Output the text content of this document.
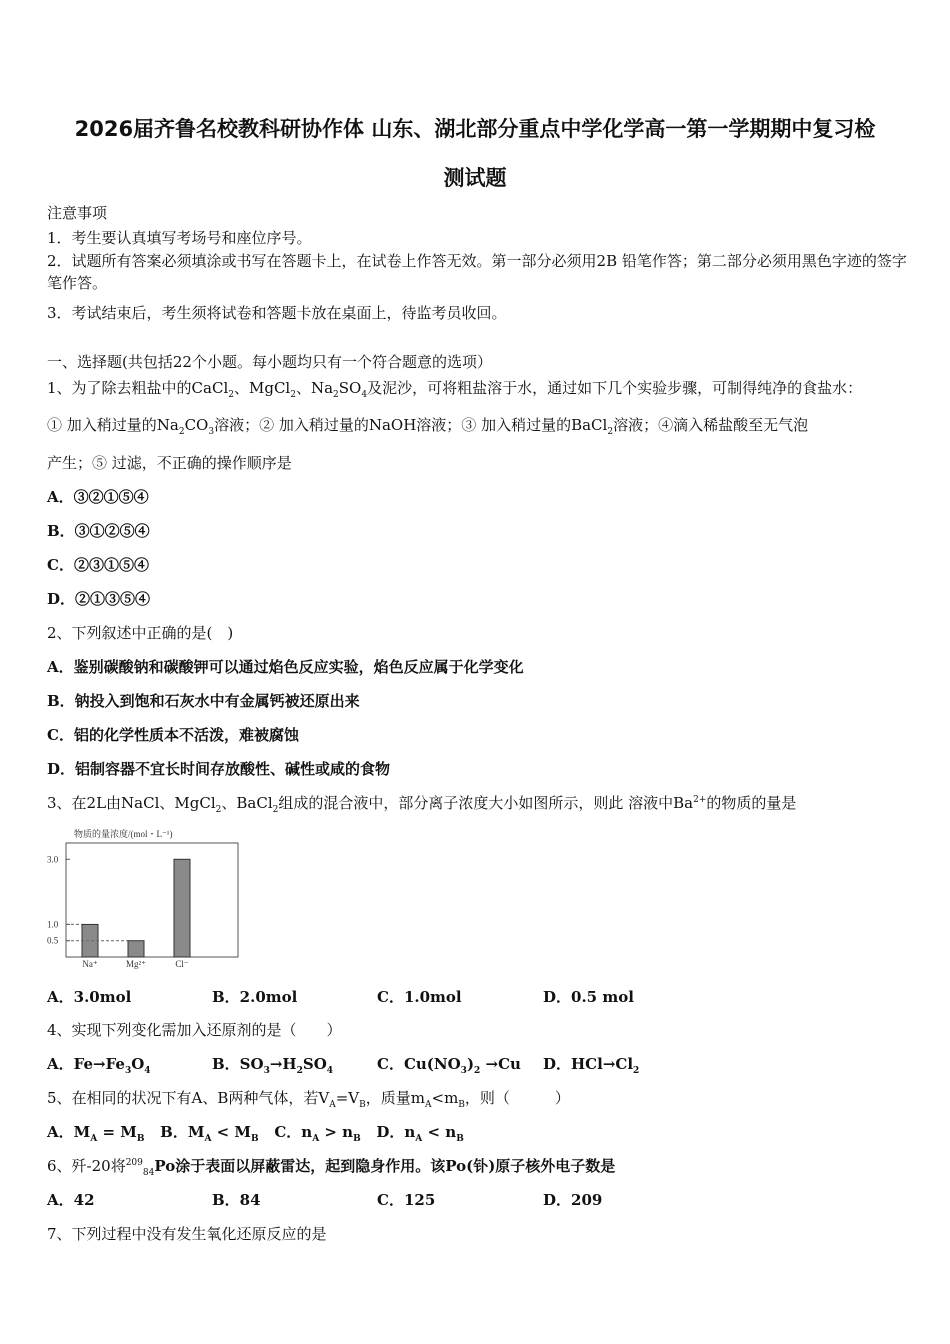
2026届齐鲁名校教科研协作体 山东、湖北部分重点中学化学高一第一学期期中复习检
测试题
注意事项
1．考生要认真填写考场号和座位序号。
2．试题所有答案必须填涂或书写在答题卡上，在试卷上作答无效。第一部分必须用2B 铅笔作答；第二部分必须用黑色字迹的签字笔作答。
3．考试结束后，考生须将试卷和答题卡放在桌面上，待监考员收回。
一、选择题(共包括22个小题。每小题均只有一个符合题意的选项）
1、为了除去粗盐中的CaCl$_2$、MgCl$_2$、$Na_2SO_4$及泥沙，可将粗盐溶于水，通过如下几个实验步骤，可制得纯净的食盐水：
① 加入稍过量的$Na_2CO_3$溶液；② 加入稍过量的NaOH溶液；③ 加入稍过量的BaCl$_2$溶液；④滴入稀盐酸至无气泡
产生；⑤ 过滤，不正确的操作顺序是
A．③②①⑤④
B．③①②⑤④
C．②③①⑤④
D．②①③⑤④
2、下列叙述中正确的是(　)
A．鉴别碳酸钠和碳酸钾可以通过焰色反应实验，焰色反应属于化学变化
B．钠投入到饱和石灰水中有金属钙被还原出来
C．铝的化学性质本不活泼，难被腐蚀
D．铝制容器不宜长时间存放酸性、碱性或咸的食物
3、在2L由NaCl、MgCl$_2$、BaCl$_2$组成的混合液中，部分离子浓度大小如图所示，则此 溶液中$Ba^{2+}$的物质的量是
物质的量浓度/(mol・L⁻¹)
3.0
1.0
0.5
Na⁺	Mg²⁺	Cl⁻
A．3.0mol	B．2.0mol	C．1.0mol	D．0.5 mol
4、实现下列变化需加入还原剂的是（　　）
A．$Fe\to Fe_3O_4$	B．$SO_3\to H_2SO_4$	C．$Cu(NO_3)_2 \to Cu$ D．$HCl\to Cl_2$
5、在相同的状况下有A、B两种气体，若$V_A=V_B$，质量$m_A<m_B$，则（　　　）
A．$M_A = M_B$ B．$M_A < M_B$ C．$n_A > n_B$ D．$n_A < n_B$
6、歼-20将$^{209}_{84}$Po涂于表面以屏蔽雷达，起到隐身作用。该Po(钋)原子核外电子数是
A．42	B．84	C．125	D．209
7、下列过程中没有发生氧化还原反应的是
